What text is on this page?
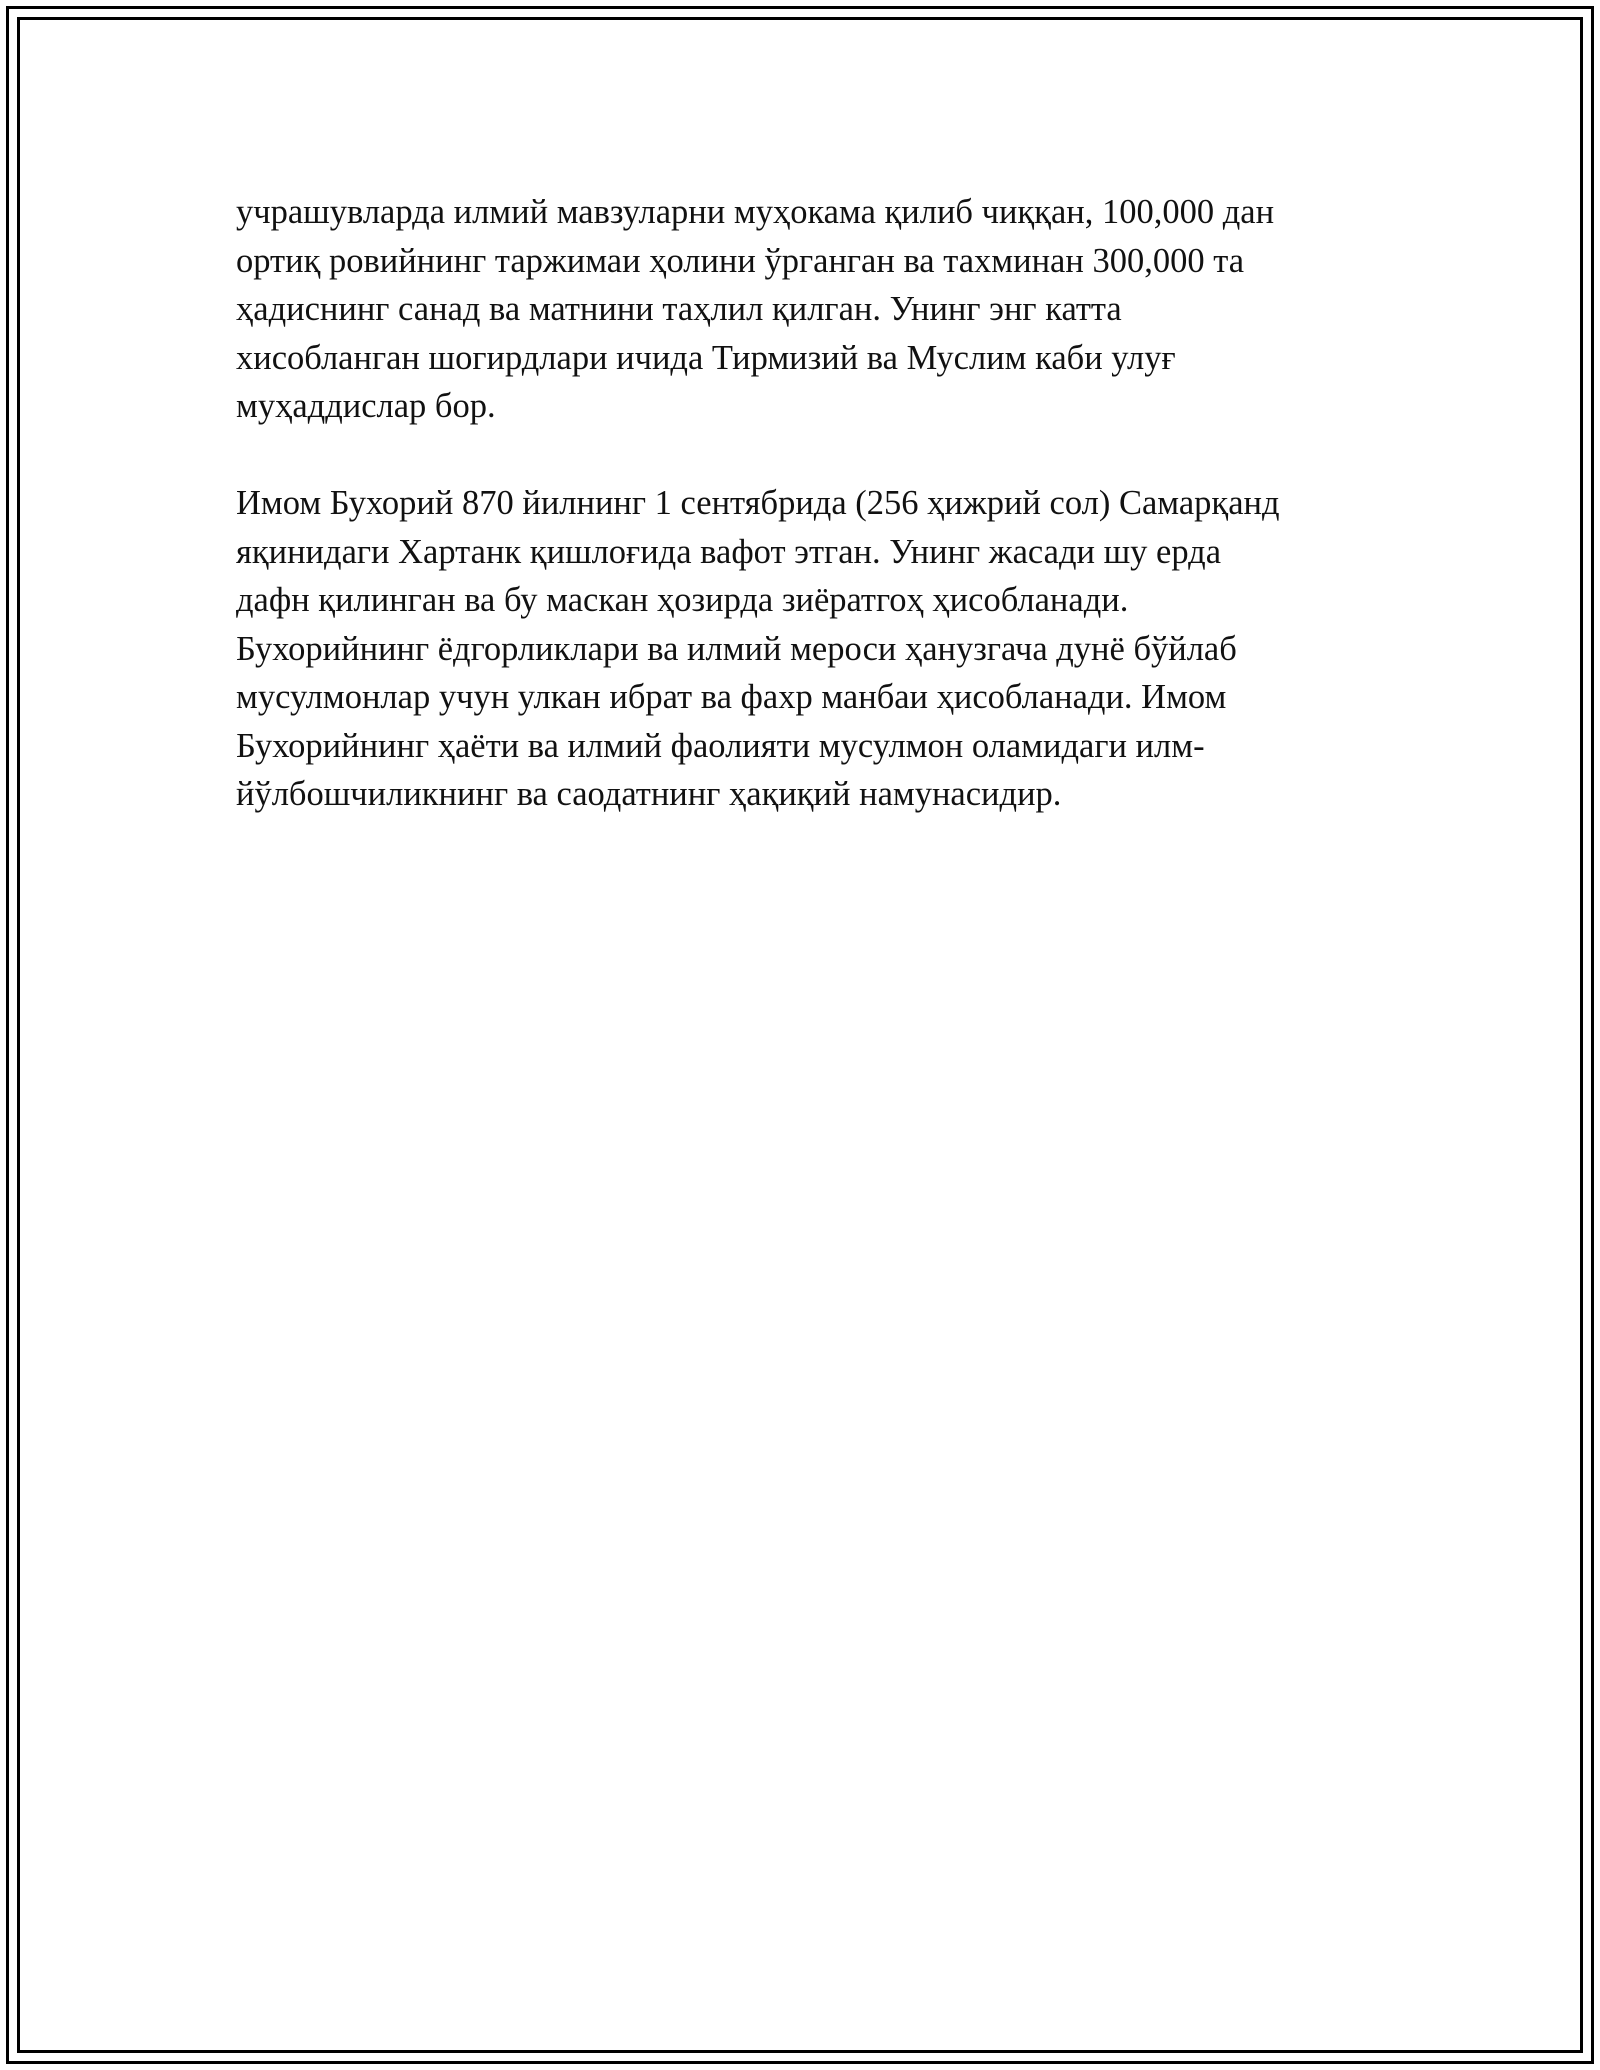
учрашувларда илмий мавзуларни муҳокама қилиб чиққан, 100,000 дан
ортиқ ровийнинг таржимаи ҳолини ўрганган ва тахминан 300,000 та
ҳадиснинг санад ва матнини таҳлил қилган. Унинг энг катта
хисобланган шогирдлари ичида Тирмизий ва Муслим каби улуғ
муҳаддислар бор.

Имом Бухорий 870 йилнинг 1 сентябрида (256 ҳижрий сол) Самарқанд
яқинидаги Хартанк қишлоғида вафот этган. Унинг жасади шу ерда
дафн қилинган ва бу маскан ҳозирда зиёратгоҳ ҳисобланади.
Бухорийнинг ёдгорликлари ва илмий мероси ҳанузгача дунё бўйлаб
мусулмонлар учун улкан ибрат ва фахр манбаи ҳисобланади. Имом
Бухорийнинг ҳаёти ва илмий фаолияти мусулмон оламидаги илм-
йўлбошчиликнинг ва саодатнинг ҳақиқий намунасидир.
